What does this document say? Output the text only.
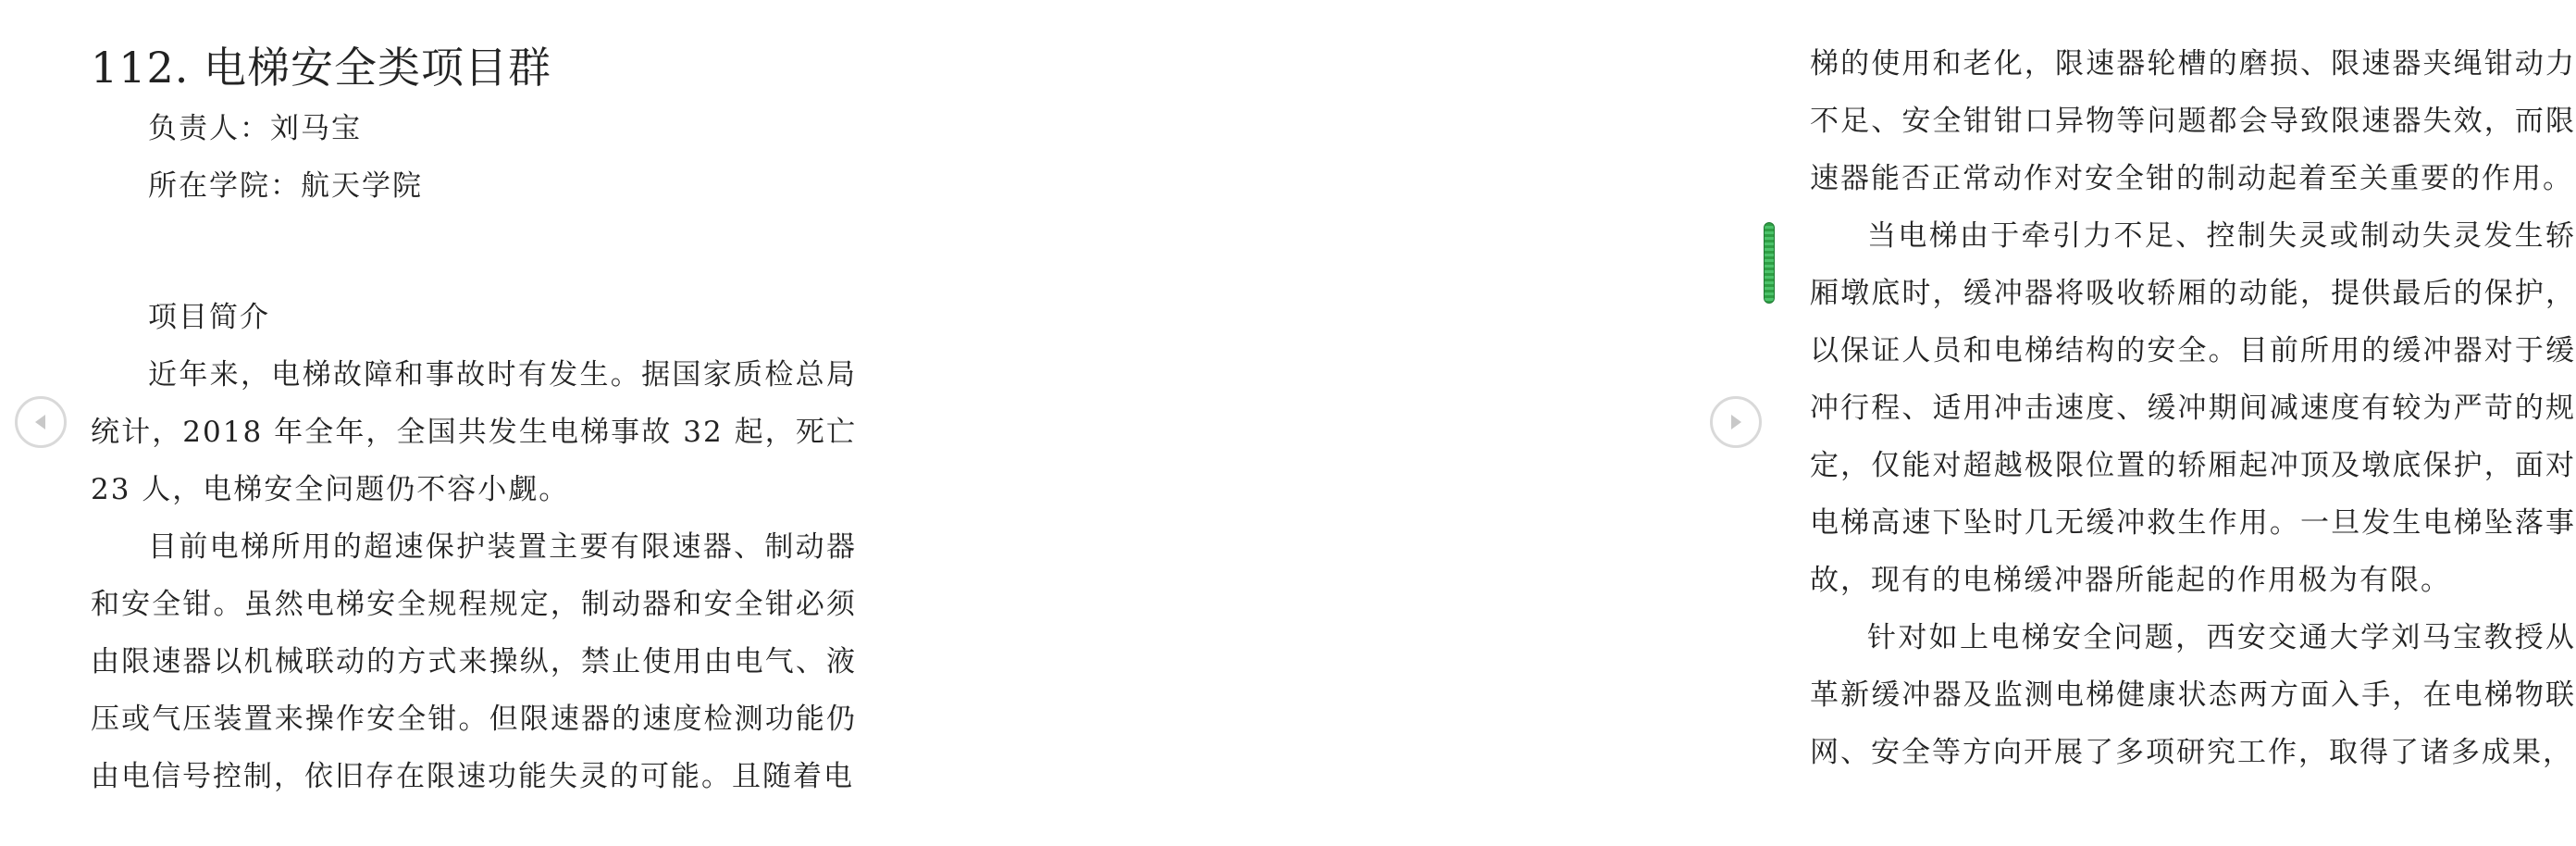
112. 电梯安全类项目群

负责人：刘马宝

所在学院：航天学院

项目简介

近年来，电梯故障和事故时有发生。据国家质检总局统计，2018 年全年，全国共发生电梯事故 32 起，死亡 23 人，电梯安全问题仍不容小觑。

目前电梯所用的超速保护装置主要有限速器、制动器和安全钳。虽然电梯安全规程规定，制动器和安全钳必须由限速器以机械联动的方式来操纵，禁止使用由电气、液压或气压装置来操作安全钳。但限速器的速度检测功能仍由电信号控制，依旧存在限速功能失灵的可能。且随着电

梯的使用和老化，限速器轮槽的磨损、限速器夹绳钳动力不足、安全钳钳口异物等问题都会导致限速器失效，而限速器能否正常动作对安全钳的制动起着至关重要的作用。

当电梯由于牵引力不足、控制失灵或制动失灵发生轿厢墩底时，缓冲器将吸收轿厢的动能，提供最后的保护，以保证人员和电梯结构的安全。目前所用的缓冲器对于缓冲行程、适用冲击速度、缓冲期间减速度有较为严苛的规定，仅能对超越极限位置的轿厢起冲顶及墩底保护，面对电梯高速下坠时几无缓冲救生作用。一旦发生电梯坠落事故，现有的电梯缓冲器所能起的作用极为有限。

针对如上电梯安全问题，西安交通大学刘马宝教授从革新缓冲器及监测电梯健康状态两方面入手，在电梯物联网、安全等方向开展了多项研究工作，取得了诸多成果，
